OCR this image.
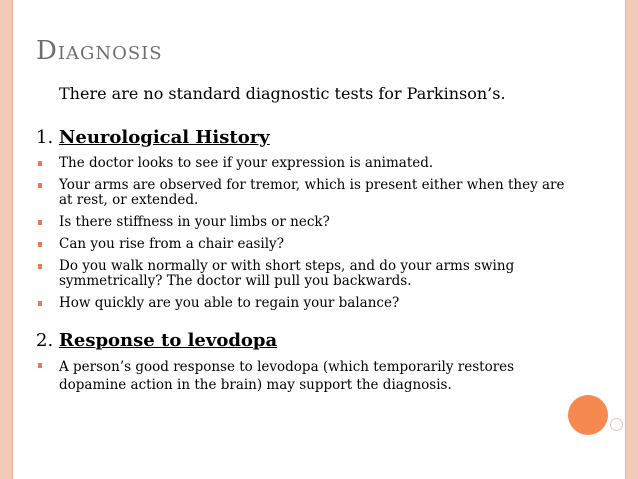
Diagnosis
There are no standard diagnostic tests for Parkinson’s.
1. Neurological History
The doctor looks to see if your expression is animated.
Your arms are observed for tremor, which is present either when they are at rest, or extended.
Is there stiffness in your limbs or neck?
Can you rise from a chair easily?
Do you walk normally or with short steps, and do your arms swing symmetrically? The doctor will pull you backwards.
How quickly are you able to regain your balance?
2. Response to levodopa
A person’s good response to levodopa (which temporarily restores dopamine action in the brain) may support the diagnosis.
